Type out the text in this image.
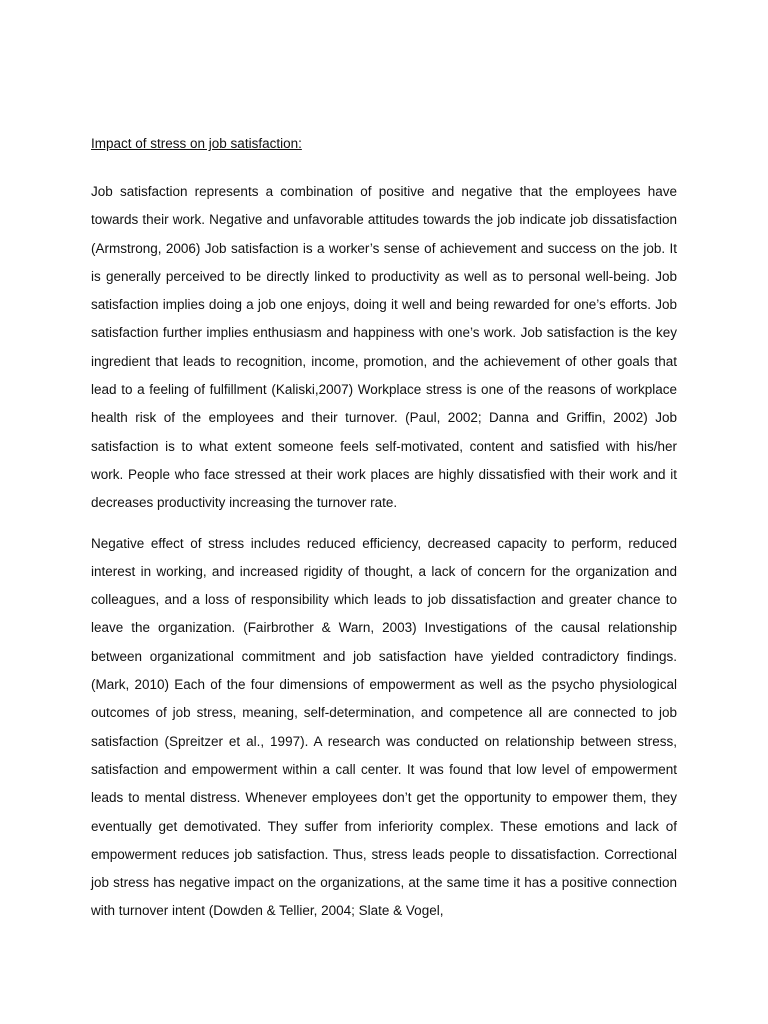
Impact of stress on job satisfaction:

Job satisfaction represents a combination of positive and negative that the employees have towards their work. Negative and unfavorable attitudes towards the job indicate job dissatisfaction (Armstrong, 2006) Job satisfaction is a worker’s sense of achievement and success on the job. It is generally perceived to be directly linked to productivity as well as to personal well-being. Job satisfaction implies doing a job one enjoys, doing it well and being rewarded for one’s efforts. Job satisfaction further implies enthusiasm and happiness with one’s work. Job satisfaction is the key ingredient that leads to recognition, income, promotion, and the achievement of other goals that lead to a feeling of fulfillment (Kaliski,2007) Workplace stress is one of the reasons of workplace health risk of the employees and their turnover. (Paul, 2002; Danna and Griffin, 2002) Job satisfaction is to what extent someone feels self-motivated, content and satisfied with his/her work. People who face stressed at their work places are highly dissatisfied with their work and it decreases productivity increasing the turnover rate.

Negative effect of stress includes reduced efficiency, decreased capacity to perform, reduced interest in working, and increased rigidity of thought, a lack of concern for the organization and colleagues, and a loss of responsibility which leads to job dissatisfaction and greater chance to leave the organization. (Fairbrother & Warn, 2003) Investigations of the causal relationship between organizational commitment and job satisfaction have yielded contradictory findings. (Mark, 2010) Each of the four dimensions of empowerment as well as the psycho physiological outcomes of job stress, meaning, self-determination, and competence all are connected to job satisfaction (Spreitzer et al., 1997). A research was conducted on relationship between stress, satisfaction and empowerment within a call center. It was found that low level of empowerment leads to mental distress. Whenever employees don’t get the opportunity to empower them, they eventually get demotivated. They suffer from inferiority complex. These emotions and lack of empowerment reduces job satisfaction. Thus, stress leads people to dissatisfaction. Correctional job stress has negative impact on the organizations, at the same time it has a positive connection with turnover intent (Dowden & Tellier, 2004; Slate & Vogel,
